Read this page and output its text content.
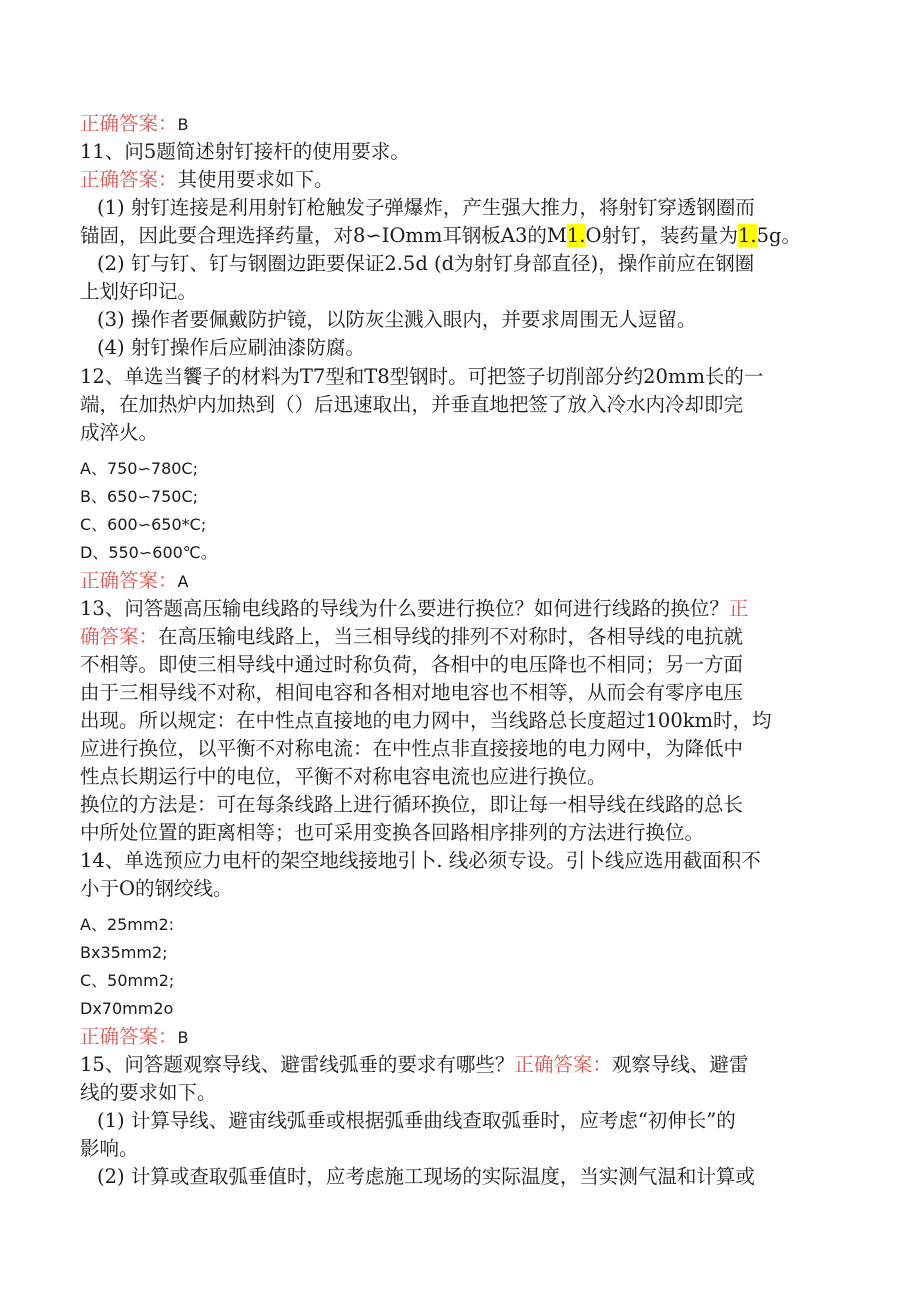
正确答案：B
11、问5题简述射钉接杆的使用要求。
正确答案：其使用要求如下。
(1) 射钉连接是利用射钉枪触发子弹爆炸，产生强大推力，将射钉穿透钢圈而
锚固，因此要合理选择药量，对8∽IOmm耳钢板A3的M1.O射钉，装药量为1.5g。
(2) 钉与钉、钉与钢圈边距要保证2.5d (d为射钉身部直径)，操作前应在钢圈
上划好印记。
(3) 操作者要佩戴防护镜，以防灰尘溅入眼内，并要求周围无人逗留。
(4) 射钉操作后应刷油漆防腐。
12、单选当饗子的材料为T7型和T8型钢时。可把签子切削部分约20mm长的一
端，在加热炉内加热到（）后迅速取出，并垂直地把签了放入冷水内冷却即完
成淬火。
A、750∽780C;
B、650∽750C;
C、600∽650*C;
D、550∽600℃。
正确答案：A
13、问答题高压输电线路的导线为什么要进行换位？如何进行线路的换位？正
确答案：在高压输电线路上，当三相导线的排列不对称时，各相导线的电抗就
不相等。即使三相导线中通过时称负荷，各相中的电压降也不相同；另一方面
由于三相导线不对称，相间电容和各相对地电容也不相等，从而会有零序电压
出现。所以规定：在中性点直接地的电力网中，当线路总长度超过100km时，均
应进行换位，以平衡不对称电流：在中性点非直接接地的电力网中，为降低中
性点长期运行中的电位，平衡不对称电容电流也应进行换位。
换位的方法是：可在每条线路上进行循环换位，即让每一相导线在线路的总长
中所处位置的距离相等；也可采用变换各回路相序排列的方法进行换位。
14、单选预应力电杆的架空地线接地引卜. 线必须专设。引卜线应选用截面积不
小于O的钢绞线。
A、25mm2:
Bx35mm2;
C、50mm2;
Dx70mm2o
正确答案：B
15、问答题观察导线、避雷线弧垂的要求有哪些？正确答案：观察导线、避雷
线的要求如下。
(1) 计算导线、避宙线弧垂或根据弧垂曲线查取弧垂时，应考虑“初伸长”的
影响。
(2) 计算或查取弧垂值时，应考虑施工现场的实际温度，当实测气温和计算或
